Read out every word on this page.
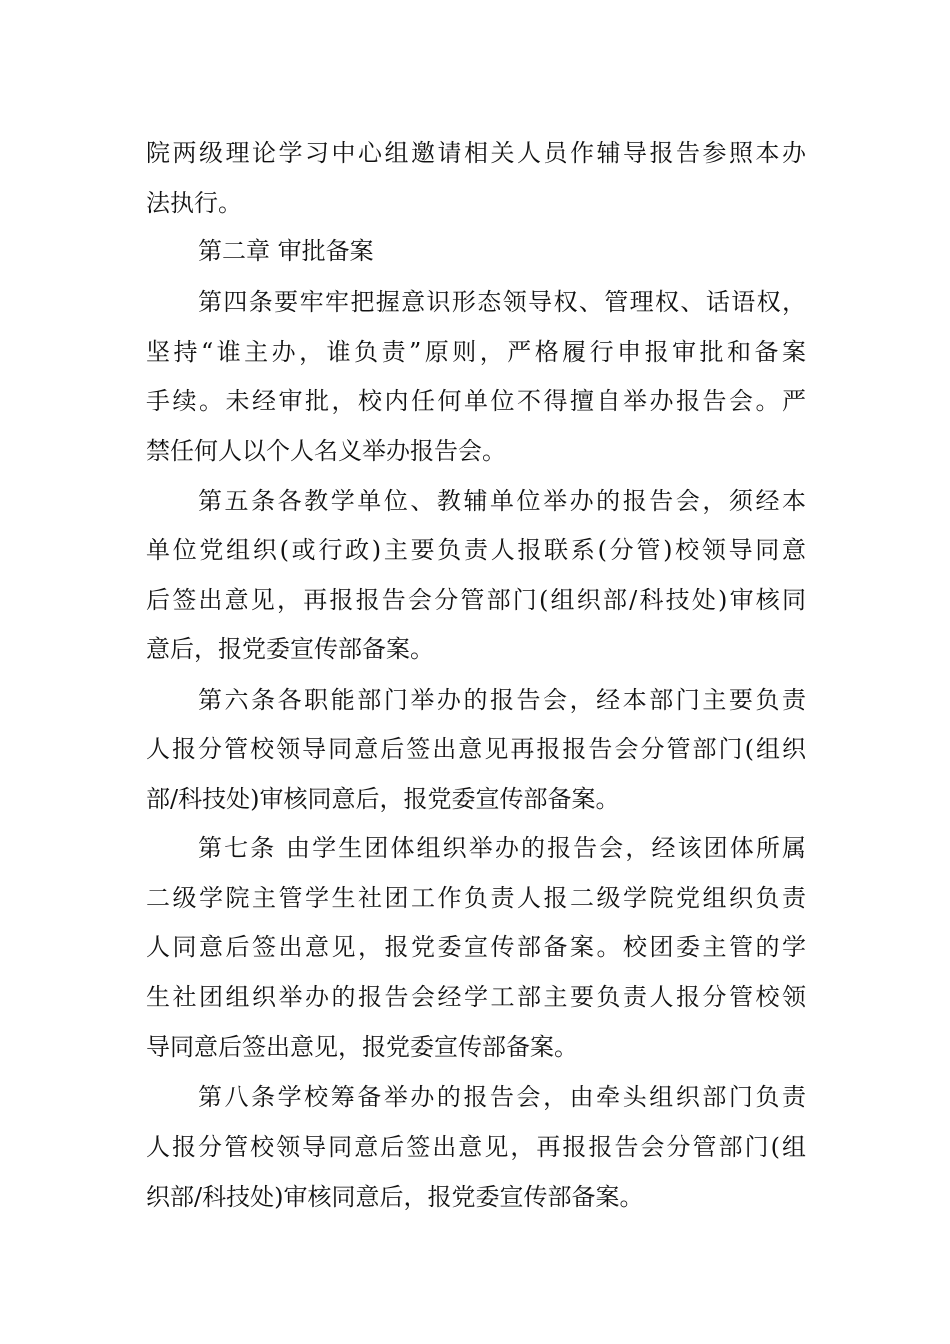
院两级理论学习中心组邀请相关人员作辅导报告参照本办
法执行。
第二章 审批备案
第四条要牢牢把握意识形态领导权、管理权、话语权，
坚持“谁主办，谁负责”原则，严格履行申报审批和备案
手续。未经审批，校内任何单位不得擅自举办报告会。严
禁任何人以个人名义举办报告会。
第五条各教学单位、教辅单位举办的报告会，须经本
单位党组织(或行政)主要负责人报联系(分管)校领导同意
后签出意见，再报报告会分管部门(组织部/科技处)审核同
意后，报党委宣传部备案。
第六条各职能部门举办的报告会，经本部门主要负责
人报分管校领导同意后签出意见再报报告会分管部门(组织
部/科技处)审核同意后，报党委宣传部备案。
第七条 由学生团体组织举办的报告会，经该团体所属
二级学院主管学生社团工作负责人报二级学院党组织负责
人同意后签出意见，报党委宣传部备案。校团委主管的学
生社团组织举办的报告会经学工部主要负责人报分管校领
导同意后签出意见，报党委宣传部备案。
第八条学校筹备举办的报告会，由牵头组织部门负责
人报分管校领导同意后签出意见，再报报告会分管部门(组
织部/科技处)审核同意后，报党委宣传部备案。
